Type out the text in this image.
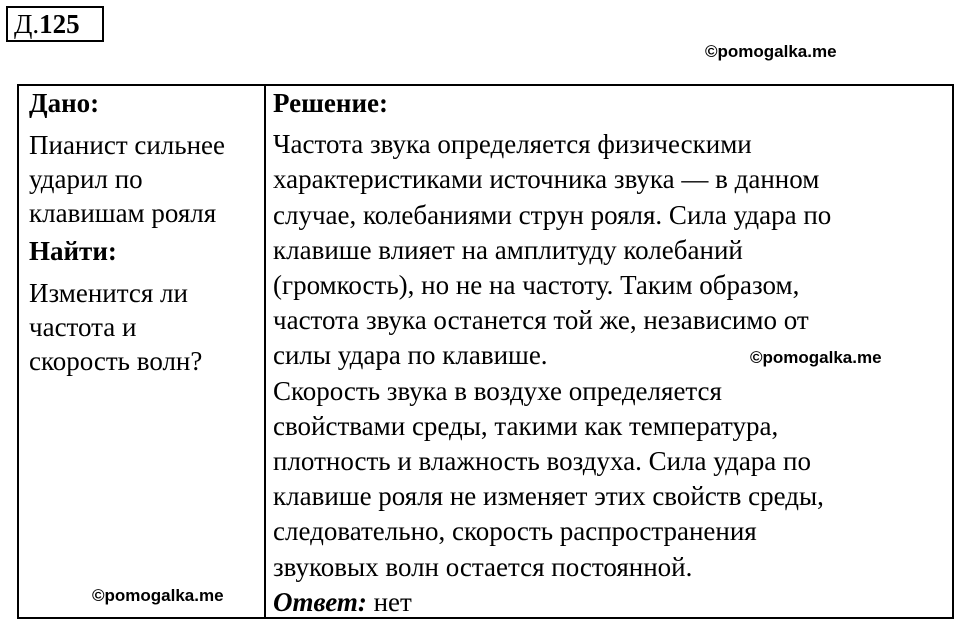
Д.125
©pomogalka.me
Дано:
Пианист сильнее
ударил по
клавишам рояля
Найти:
Изменится ли
частота и
скорость волн?
Решение:
Частота звука определяется физическими
характеристиками источника звука — в данном
случае, колебаниями струн рояля. Сила удара по
клавише влияет на амплитуду колебаний
(громкость), но не на частоту. Таким образом,
частота звука останется той же, независимо от
силы удара по клавише.
Скорость звука в воздухе определяется
свойствами среды, такими как температура,
плотность и влажность воздуха. Сила удара по
клавише рояля не изменяет этих свойств среды,
следовательно, скорость распространения
звуковых волн остается постоянной.
Ответ: нет
©pomogalka.me
©pomogalka.me
